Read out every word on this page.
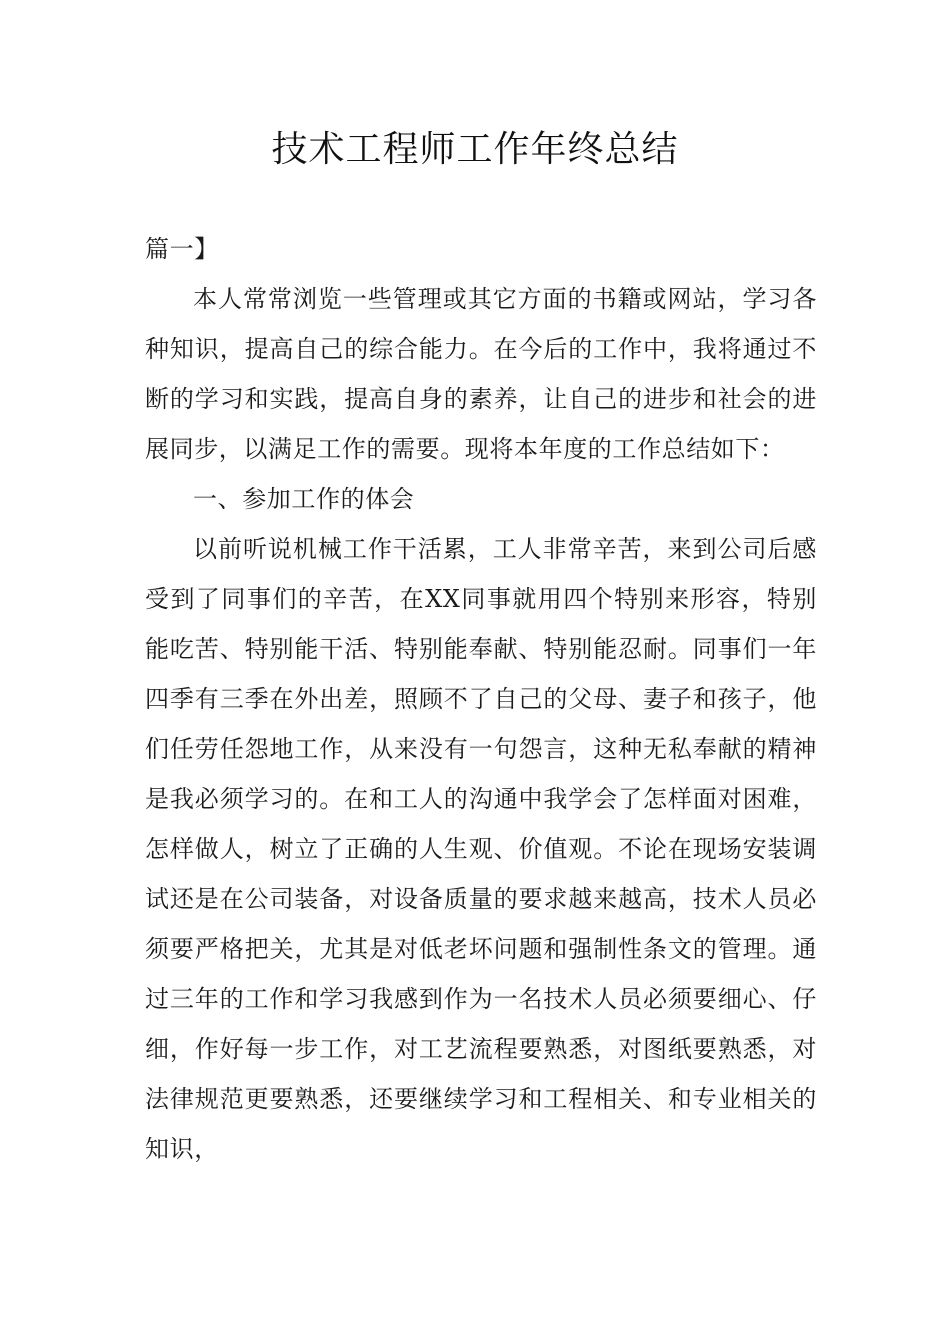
技术工程师工作年终总结

篇一】

本人常常浏览一些管理或其它方面的书籍或网站，学习各种知识，提高自己的综合能力。在今后的工作中，我将通过不断的学习和实践，提高自身的素养，让自己的进步和社会的进展同步，以满足工作的需要。现将本年度的工作总结如下：

一、参加工作的体会

以前听说机械工作干活累，工人非常辛苦，来到公司后感受到了同事们的辛苦，在XX同事就用四个特别来形容，特别能吃苦、特别能干活、特别能奉献、特别能忍耐。同事们一年四季有三季在外出差，照顾不了自己的父母、妻子和孩子，他们任劳任怨地工作，从来没有一句怨言，这种无私奉献的精神是我必须学习的。在和工人的沟通中我学会了怎样面对困难，怎样做人，树立了正确的人生观、价值观。不论在现场安装调试还是在公司装备，对设备质量的要求越来越高，技术人员必须要严格把关，尤其是对低老坏问题和强制性条文的管理。通过三年的工作和学习我感到作为一名技术人员必须要细心、仔细，作好每一步工作，对工艺流程要熟悉，对图纸要熟悉，对法律规范更要熟悉，还要继续学习和工程相关、和专业相关的知识，
